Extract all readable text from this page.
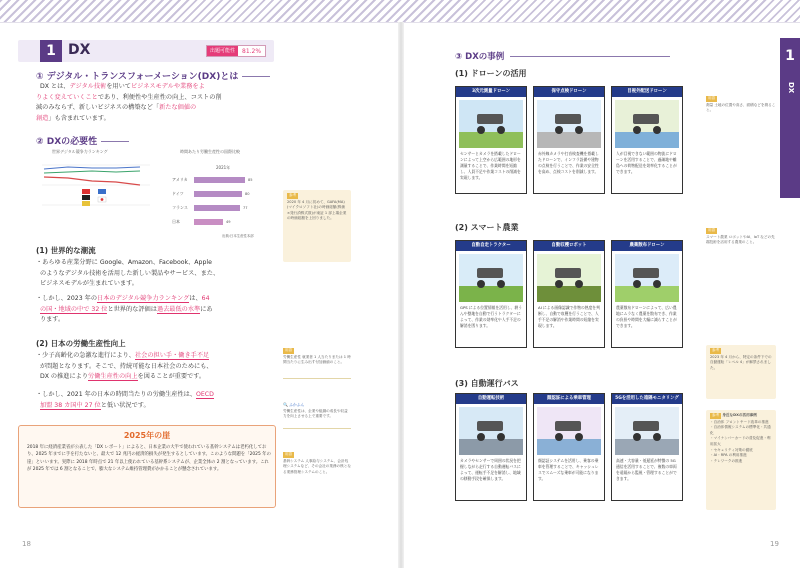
1 DX	出題可能性	81.2%
① デジタル・トランスフォーメーション(DX)とは
DX とは、デジタル技術を用いてビジネスモデルや業務をよ
りよく変えていくことであり、利便性や生産性の向上、コストの削
減のみならず、新しいビジネスの構築など「新たな価値の
創造」も含まれています。
② DXの必要性
世界デジタル競争力ランキング	時間あたり労働生産性の国際比較
2021年
アメリカ	85
ドイツ	80
フランス	77
日本	49
出典:日本生産性本部
(1) 世界的な潮流
・あらゆる産業分野に Google、Amazon、Facebook、Apple
のようなデジタル技術を活用した新しい製品やサービス、また、
ビジネスモデルが生まれています。
・しかし、2023 年の日本のデジタル競争力ランキングは、64
の国・地域の中で 32 位と世界的な評価は過去最低の水準にあ
ります。
(2) 日本の労働生産性向上
・少子高齢化の急激な進行により、社会の担い手・働き手不足
が問題となります。そこで、持続可能な日本社会のためにも、
DX の推進により労働生産性の向上を図ることが重要です。
・しかし、2021 年の日本の時間当たりの労働生産性は、OECD
加盟 38 カ国中 27 位と低い状況です。
2025年の崖
2018 年に経済産業省が公表した「DX レポート」によると、日本企業の大半で使われている基幹システムは老朽化しており、2025 年までに手を打たないと、最大で 12 兆円の経済的損失が発生するとしています。このような問題を「2025 年の崖」といいます。実際に 2018 年時点で 21 年以上使われている基幹系システムが、企業全体の 2 割となっています。これが 2025 年では 6 割となることで、膨大なシステム維持管理費がかかることが懸念されています。
参考
2020 年 4 月に初めて、GAFA(MA)(マイクロソフト社)の時価総額(株価×発行済株式数)が東証 1 部上場企業の時価総額を上回りました。
用語
労働生産性 就業者 1 人当たりまたは 1 時間当たりに生み出す付加価値のこと。
🔍 ふかふん
労働生産性は、企業や組織の成長や収益力を向上させる上で重要です。
用語
基幹システム 人事給与システム、会計処理システムなど、その会社の業務の核となる業務管理システムのこと。
18
③ DXの事例
(1) ドローンの活用
(2) スマート農業
(3) 自動運行バス
3次元測量ドローン
センサーとカメラを搭載したドローンによって上空から広範囲の地形を測量することで、作業時間を短縮し、人員不足や作業コストの削減を実現します。
保守点検ドローン
赤外線カメラや打音検査機を搭載したドローンで、インフラ設備や建物の点検を行うことで、作業の安全性を高め、点検コストを削減します。
目視外配送ドローン
人が目視できない範囲の物流にドローンを活用することで、過疎地や離島への荷物配送を効率化することができます。
自動自走トラクター
GPS による位置情報を活用し、耕うんや整地を自動で行うトラクターによって、作業の効率化や人手不足の解消を図ります。
自動収穫ロボット
AI による画像認識で作物の熟度を判断し、自動で収穫を行うことで、人手不足の解消や作業時間の短縮を実現します。
農薬散布ドローン
農薬散布ドローンによって、広い農地にムラなく農薬を散布でき、作業の負担や時間を大幅に減らすことができます。
自動運転技術
カメラやセンサーで周囲の状況を把握しながら走行する自動運転バスによって、運転手不足を解消し、地域の移動手段を確保します。
顔認証による乗車管理
顔認証システムを活用し、乗客の乗車を管理することで、キャッシュレスでスムーズな乗車が可能になります。
5Gを活用した遠隔モニタリング
高速・大容量・低遅延が特徴の 5G 通信を活用することで、複数の車両を遠隔から監視・管理することができます。
1
DX
用語
測量 土地の位置や高さ、面積などを測ること。
用語
スマート農業 ロボットやAI、IoT などの先端技術を活用する農業のこと。
参考
2023 年 4 月から、特定の条件下での自動運転「レベル 4」が解禁されました。
参考 身近なDXの活用事例
・自治体 フロントヤード改革の推進
・自治体情報システムの標準化・共通化
・マイナンバーカードの普及促進・利用拡大
・セキュリティ対策の徹底
・AI・RPA の利用推進
・テレワークの推進
19
